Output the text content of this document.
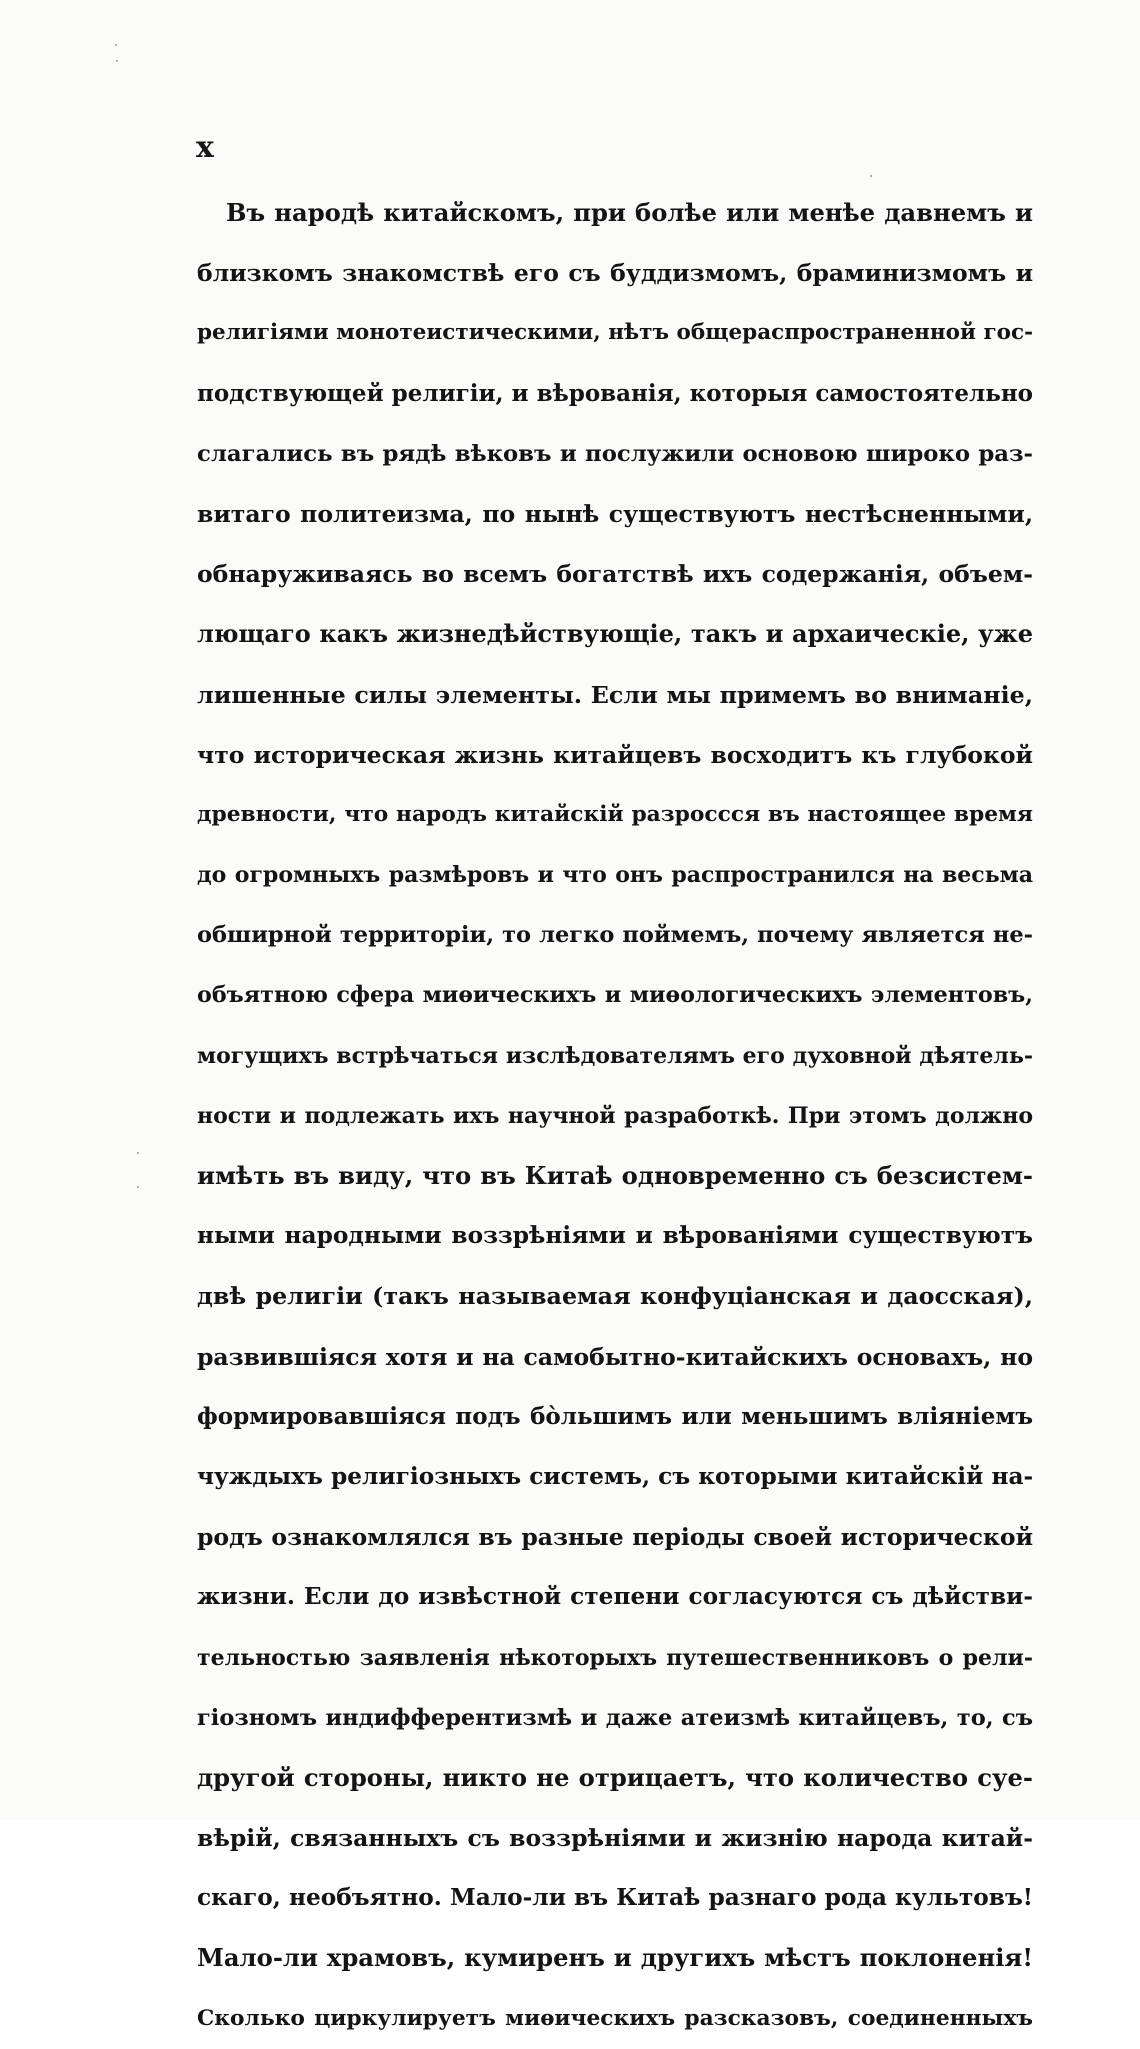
x
Въ народѣ китайскомъ, при болѣе или менѣе давнемъ и
близкомъ знакомствѣ его съ буддизмомъ, браминизмомъ и
религіями монотеистическими, нѣтъ общераспространенной гос-
подствующей религіи, и вѣрованія, которыя самостоятельно
слагались въ рядѣ вѣковъ и послужили основою широко раз-
витаго политеизма, по нынѣ существуютъ нестѣсненными,
обнаруживаясь во всемъ богатствѣ ихъ содержанія, объем-
лющаго какъ жизнедѣйствующіе, такъ и архаическіе, уже
лишенные силы элементы. Если мы примемъ во вниманіе,
что историческая жизнь китайцевъ восходитъ къ глубокой
древности, что народъ китайскій разроссся въ настоящее время
до огромныхъ размѣровъ и что онъ распространился на весьма
обширной территоріи, то легко поймемъ, почему является не-
объятною сфера миѳическихъ и миѳологическихъ элементовъ,
могущихъ встрѣчаться изслѣдователямъ его духовной дѣятель-
ности и подлежать ихъ научной разработкѣ. При этомъ должно
имѣть въ виду, что въ Китаѣ одновременно съ безсистем-
ными народными воззрѣніями и вѣрованіями существуютъ
двѣ религіи (такъ называемая конфуціанская и даосская),
развившіяся хотя и на самобытно-китайскихъ основахъ, но
формировавшіяся подъ бо̀льшимъ или меньшимъ вліяніемъ
чуждыхъ религіозныхъ системъ, съ которыми китайскій на-
родъ ознакомлялся въ разные періоды своей исторической
жизни. Если до извѣстной степени согласуются съ дѣйстви-
тельностью заявленія нѣкоторыхъ путешественниковъ о рели-
гіозномъ индифферентизмѣ и даже атеизмѣ китайцевъ, то, съ
другой стороны, никто не отрицаетъ, что количество суе-
вѣрій, связанныхъ съ воззрѣніями и жизнію народа китай-
скаго, необъятно. Мало-ли въ Китаѣ разнаго рода культовъ!
Мало-ли храмовъ, кумиренъ и другихъ мѣстъ поклоненія!
Сколько циркулируетъ миѳическихъ разсказовъ, соединенныхъ
